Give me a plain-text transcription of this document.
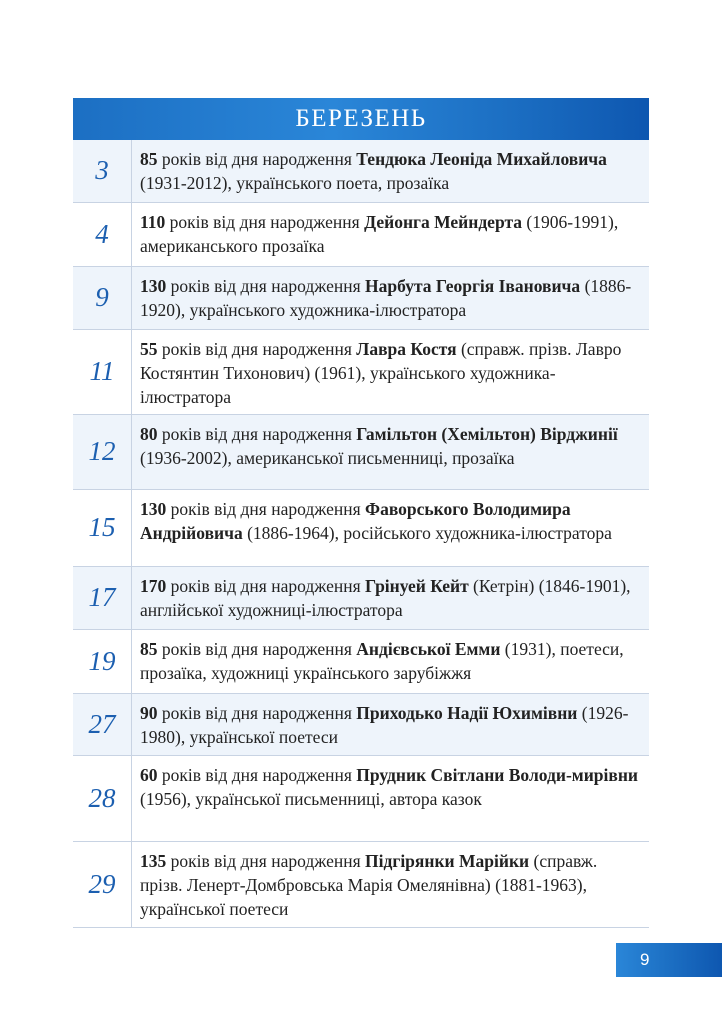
БЕРЕЗЕНЬ
3	85 років від дня народження Тендюка Леоніда Михайловича (1931-2012), українського поета, прозаїка
4	110 років від дня народження Дейонга Мейндерта (1906-1991), американського прозаїка
9	130 років від дня народження Нарбута Георгія Івановича (1886-1920), українського художника-ілюстратора
11	55 років від дня народження Лавра Костя (справж. прізв. Лавро Костянтин Тихонович) (1961), українського художника-ілюстратора
12	80 років від дня народження Гамільтон (Хемільтон) Вірджинії (1936-2002), американської письменниці, прозаїка
15	130 років від дня народження Фаворського Володимира Андрійовича (1886-1964), російського художника-ілюстратора
17	170 років від дня народження Грінуей Кейт (Кетрін) (1846-1901), англійської художниці-ілюстратора
19	85 років від дня народження Андієвської Емми (1931), поетеси, прозаїка, художниці українського зарубіжжя
27	90 років від дня народження Приходько Надії Юхимівни (1926-1980), української поетеси
28	60 років від дня народження Прудник Світлани Володи-мирівни (1956), української письменниці, автора казок
29	135 років від дня народження Підгірянки Марійки (справж. прізв. Ленерт-Домбровська Марія Омелянівна) (1881-1963), української поетеси
9
